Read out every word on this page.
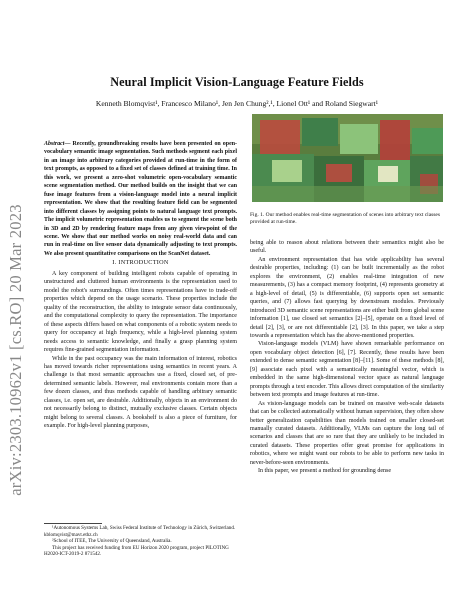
Neural Implicit Vision-Language Feature Fields
Kenneth Blomqvist¹, Francesco Milano¹, Jen Jen Chung²,¹, Lionel Ott¹ and Roland Siegwart¹
arXiv:2303.10962v1 [cs.RO] 20 Mar 2023
Abstract— Recently, groundbreaking results have been presented on open-vocabulary semantic image segmentation. Such methods segment each pixel in an image into arbitrary categories provided at run-time in the form of text prompts, as opposed to a fixed set of classes defined at training time. In this work, we present a zero-shot volumetric open-vocabulary semantic scene segmentation method. Our method builds on the insight that we can fuse image features from a vision-language model into a neural implicit representation. We show that the resulting feature field can be segmented into different classes by assigning points to natural language text prompts. The implicit volumetric representation enables us to segment the scene both in 3D and 2D by rendering feature maps from any given viewpoint of the scene. We show that our method works on noisy real-world data and can run in real-time on live sensor data dynamically adjusting to text prompts. We also present quantitative comparisons on the ScanNet dataset.
I. INTRODUCTION

A key component of building intelligent robots capable of operating in unstructured and cluttered human environments is the representation used to model the robot's surroundings. Often times representations have to trade-off properties which depend on the usage scenario. These properties include the quality of the reconstruction, the ability to integrate sensor data continuously, and the computational complexity to query the representation. The importance of these aspects differs based on what components of a robotic system needs to query for occupancy at high frequency, while a high-level planning system needs access to semantic knowledge, and finally a grasp planning system requires fine-grained segmentation information.

While in the past occupancy was the main information of interest, robotics has moved towards richer representations using semantics in recent years. A challenge is that most semantic approaches use a fixed, closed set, of pre-determined semantic labels. However, real environments contain more than a few dozen classes, and thus methods capable of handling arbitrary semantic classes, i.e. open set, are desirable. Additionally, objects in an environment do not necessarily belong to distinct, mutually exclusive classes. Certain objects might belong to several classes. A bookshelf is also a piece of furniture, for example. For high-level planning purposes,

¹Autonomous Systems Lab, Swiss Federal Institute of Technology in Zürich, Switzerland. kblomqvist@mavt.ethz.ch
²School of ITEE, The University of Queensland, Australia.
This project has received funding from EU Horizon 2020 program, project PILOTING H2020-ICT-2019-2 871542.
Fig. 1. Our method enables real-time segmentation of scenes into arbitrary text classes provided at run-time.

being able to reason about relations between their semantics might also be useful.

An environment representation that has wide applicability has several desirable properties, including: (1) can be built incrementally as the robot explores the environment, (2) enables real-time integration of new measurements, (3) has a compact memory footprint, (4) represents geometry at a high-level of detail, (5) is differentiable, (6) supports open set semantic queries, and (7) allows fast querying by downstream modules. Previously introduced 3D semantic scene representations are either built from global scene information [1], use closed set semantics [2]–[5], operate on a fixed level of detail [2], [3], or are not differentiable [2], [3]. In this paper, we take a step towards a representation which has the above-mentioned properties.

Vision-language models (VLM) have shown remarkable performance on open vocabulary object detection [6], [7]. Recently, these results have been extended to dense semantic segmentation [8]–[11]. Some of these methods [8], [9] associate each pixel with a semantically meaningful vector, which is embedded in the same high-dimensional vector space as natural language prompts through a text encoder. This allows direct computation of the similarity between text prompts and image features at run-time.

As vision-language models can be trained on massive web-scale datasets that can be collected automatically without human supervision, they often show better generalization capabilities than models trained on smaller closed-set manually curated datasets. Additionally, VLMs can capture the long tail of scenarios and classes that are so rare that they are unlikely to be included in curated datasets. These properties offer great promise for applications in robotics, where we might want our robots to be able to perform new tasks in never-before-seen environments.

In this paper, we present a method for grounding dense
